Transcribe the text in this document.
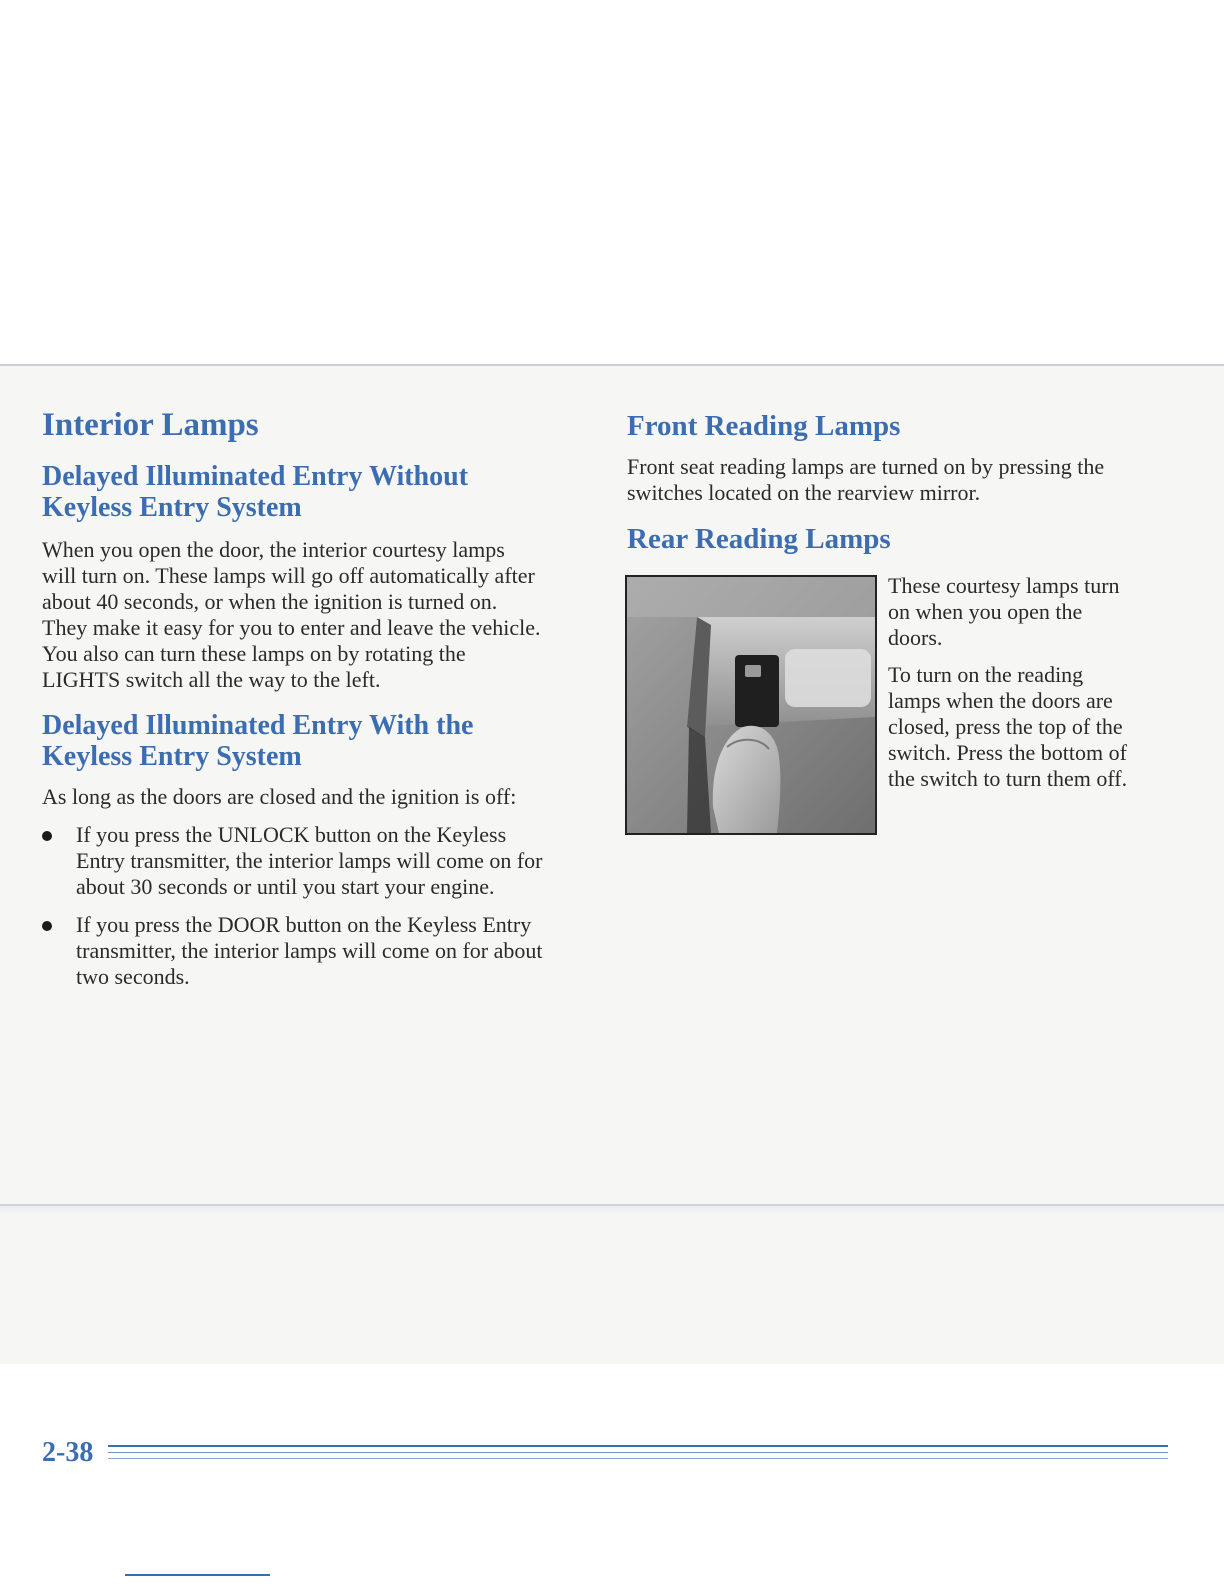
Interior Lamps
Delayed Illuminated Entry Without
Keyless Entry System

When you open the door, the interior courtesy lamps

will turn on. These lamps will go off automatically after

about 40 seconds, or when the ignition is turned on.

They make it easy for you to enter and leave the vehicle.

You also can turn these lamps on by rotating the

LIGHTS switch all the way to the left.

Delayed Illuminated Entry With the
Keyless Entry System

As long as the doors are closed and the ignition is off:

If you press the UNLOCK button on the Keyless

Entry transmitter, the interior lamps will come on for

about 30 seconds or until you start your engine.

If you press the DOOR button on the Keyless Entry

transmitter, the interior lamps will come on for about

two seconds.

Front Reading Lamps

Front seat reading lamps are turned on by pressing the

switches located on the rearview mirror.

Rear Reading Lamps

These courtesy lamps turn

on when you open the

doors.

To turn on the reading

lamps when the doors are

closed, press the top of the

switch. Press the bottom of

the switch to turn them off.

2-38
